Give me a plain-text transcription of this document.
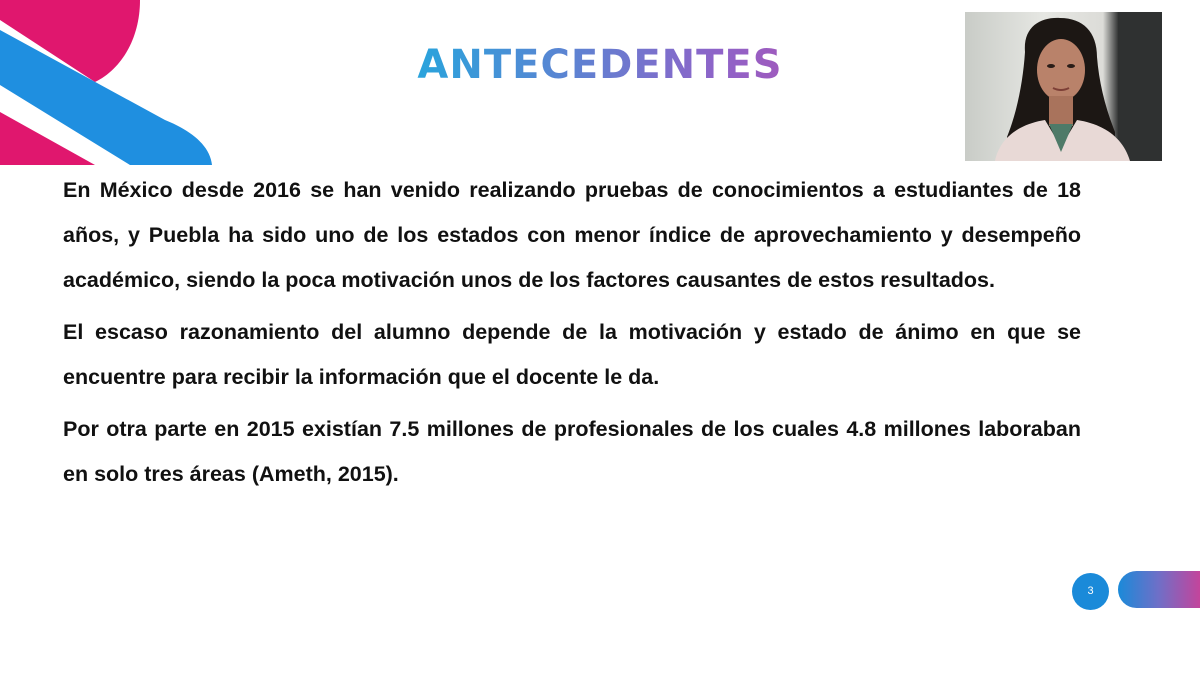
ANTECEDENTES

En México desde 2016 se han venido realizando pruebas de conocimientos a estudiantes de 18 años, y Puebla ha sido uno de los estados con menor índice de aprovechamiento y desempeño académico, siendo la poca motivación unos de los factores causantes de estos resultados.

El escaso razonamiento del alumno depende de la motivación y estado de ánimo en que se encuentre para recibir la información que el docente le da.

Por otra parte en 2015 existían 7.5 millones de profesionales de los cuales 4.8 millones laboraban en solo tres áreas (Ameth, 2015).

3
